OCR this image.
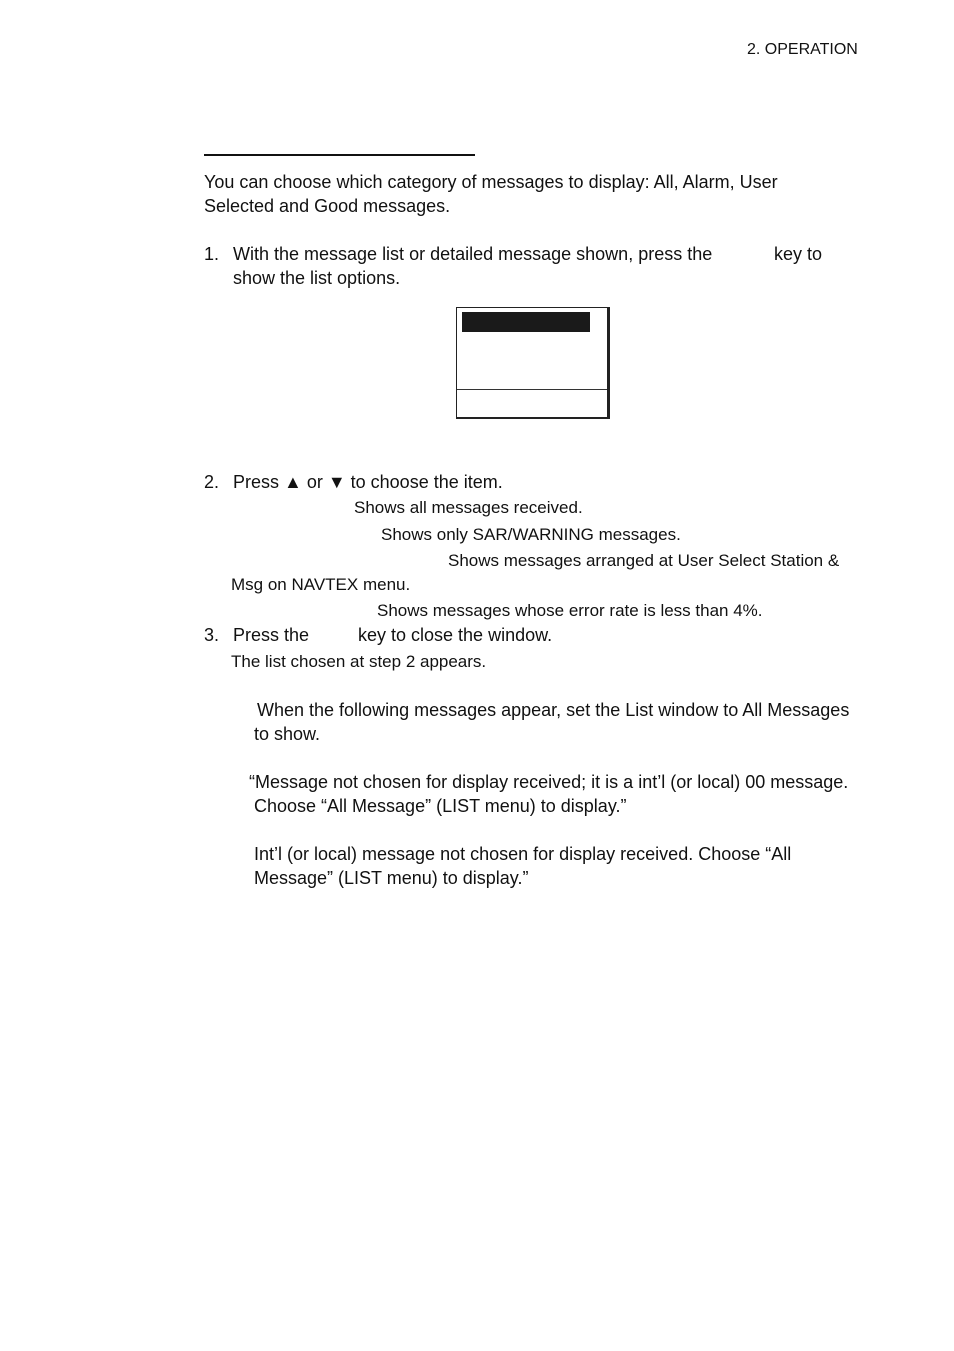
2. OPERATION
You can choose which category of messages to display: All, Alarm, User
Selected and Good messages.
1. With the message list or detailed message shown, press the	key to
show the list options.
2. Press ▲ or ▼ to choose the item.
Shows all messages received.
Shows only SAR/WARNING messages.
Shows messages arranged at User Select Station &
Msg on NAVTEX menu.
Shows messages whose error rate is less than 4%.
3. Press the	key to close the window.
The list chosen at step 2 appears.
When the following messages appear, set the List window to All Messages
to show.
“Message not chosen for display received; it is a int’l (or local) 00 message.
Choose “All Message” (LIST menu) to display.”
Int’l (or local) message not chosen for display received. Choose “All
Message” (LIST menu) to display.”
